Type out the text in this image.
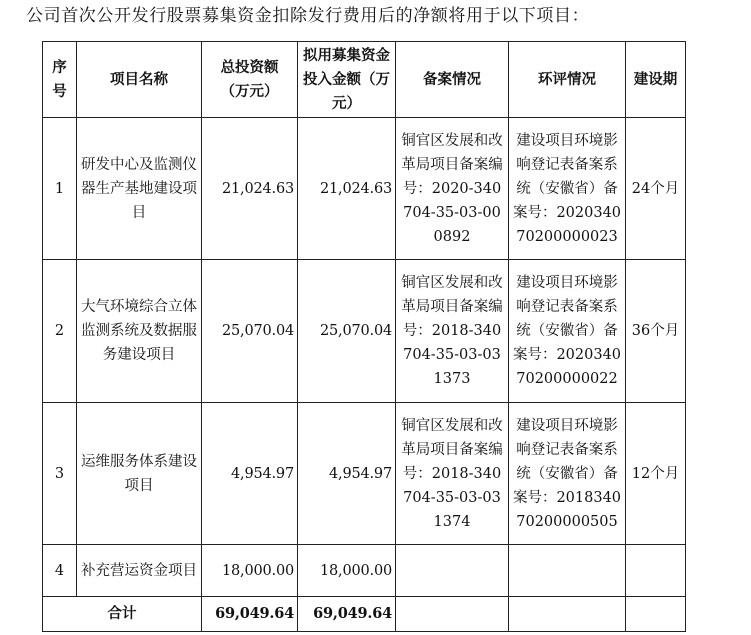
公司首次公开发行股票募集资金扣除发行费用后的净额将用于以下项目：
序号	项目名称	总投资额（万元）	拟用募集资金投入金额（万元）	备案情况	环评情况	建设期
1	研发中心及监测仪器生产基地建设项目	21,024.63	21,024.63	铜官区发展和改革局项目备案编号：2020-340704-35-03-000892	建设项目环境影响登记表备案系统（安徽省）备案号：202034070200000023	24个月
2	大气环境综合立体监测系统及数据服务建设项目	25,070.04	25,070.04	铜官区发展和改革局项目备案编号：2018-340704-35-03-031373	建设项目环境影响登记表备案系统（安徽省）备案号：202034070200000022	36个月
3	运维服务体系建设项目	4,954.97	4,954.97	铜官区发展和改革局项目备案编号：2018-340704-35-03-031374	建设项目环境影响登记表备案系统（安徽省）备案号：201834070200000505	12个月
4	补充营运资金项目	18,000.00	18,000.00			
合计		69,049.64	69,049.64			
